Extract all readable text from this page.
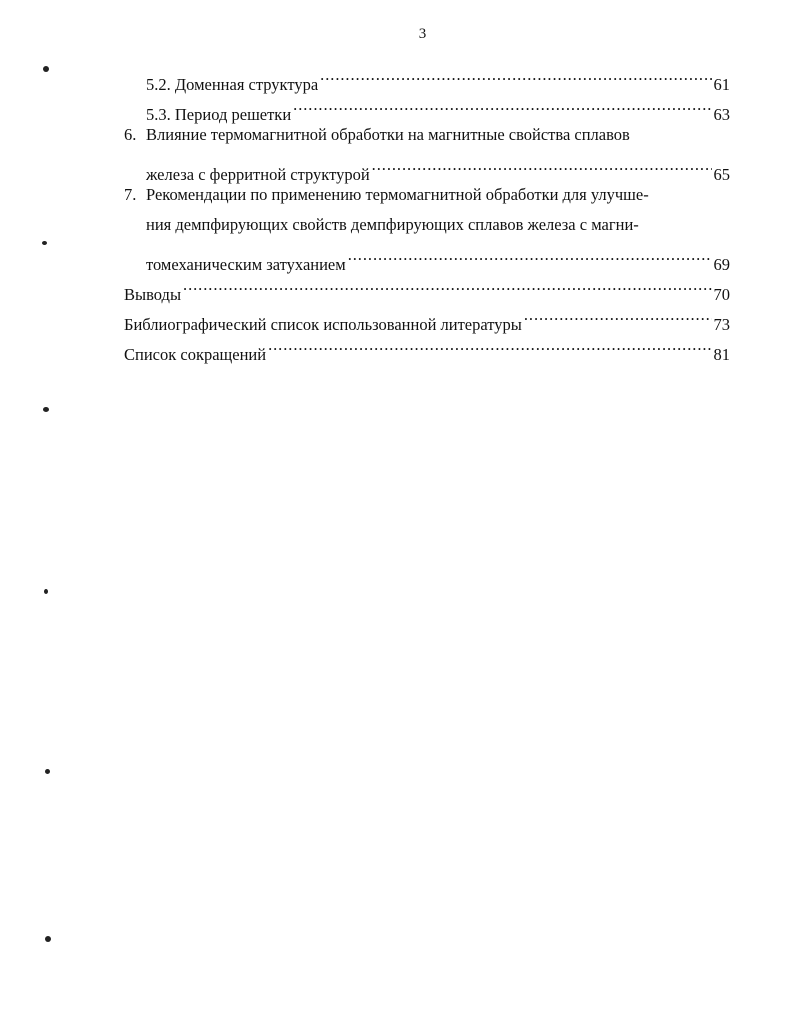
3
5.2. Доменная структура . . .	61
5.3. Период решетки . . .	63
6. Влияние термомагнитной обработки на магнитные свойства сплавов
железа с ферритной структурой . . .	65
7. Рекомендации по применению термомагнитной обработки для улучше-
ния демпфирующих свойств демпфирующих сплавов железа с магни-
томеханическим затуханием . . .	69
Выводы . . .	70
Библиографический список использованной литературы . . .	73
Список сокращений . . .	81
